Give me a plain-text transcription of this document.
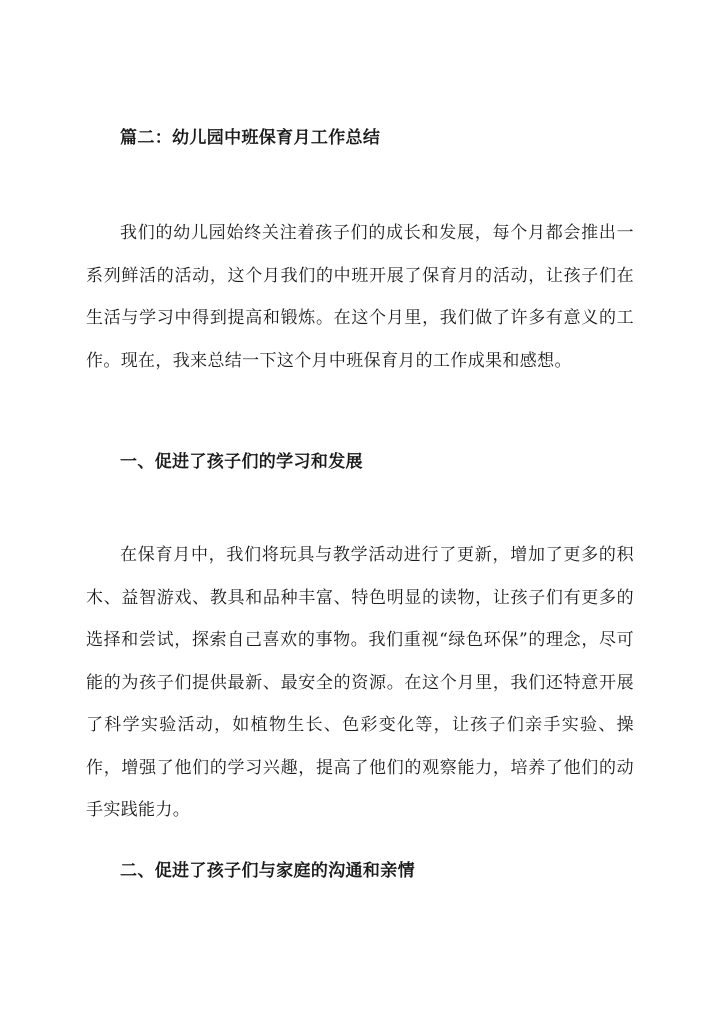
篇二：幼儿园中班保育月工作总结

我们的幼儿园始终关注着孩子们的成长和发展，每个月都会推出一系列鲜活的活动，这个月我们的中班开展了保育月的活动，让孩子们在生活与学习中得到提高和锻炼。在这个月里，我们做了许多有意义的工作。现在，我来总结一下这个月中班保育月的工作成果和感想。

一、促进了孩子们的学习和发展

在保育月中，我们将玩具与教学活动进行了更新，增加了更多的积木、益智游戏、教具和品种丰富、特色明显的读物，让孩子们有更多的选择和尝试，探索自己喜欢的事物。我们重视“绿色环保”的理念，尽可能的为孩子们提供最新、最安全的资源。在这个月里，我们还特意开展了科学实验活动，如植物生长、色彩变化等，让孩子们亲手实验、操作，增强了他们的学习兴趣，提高了他们的观察能力，培养了他们的动手实践能力。

二、促进了孩子们与家庭的沟通和亲情
